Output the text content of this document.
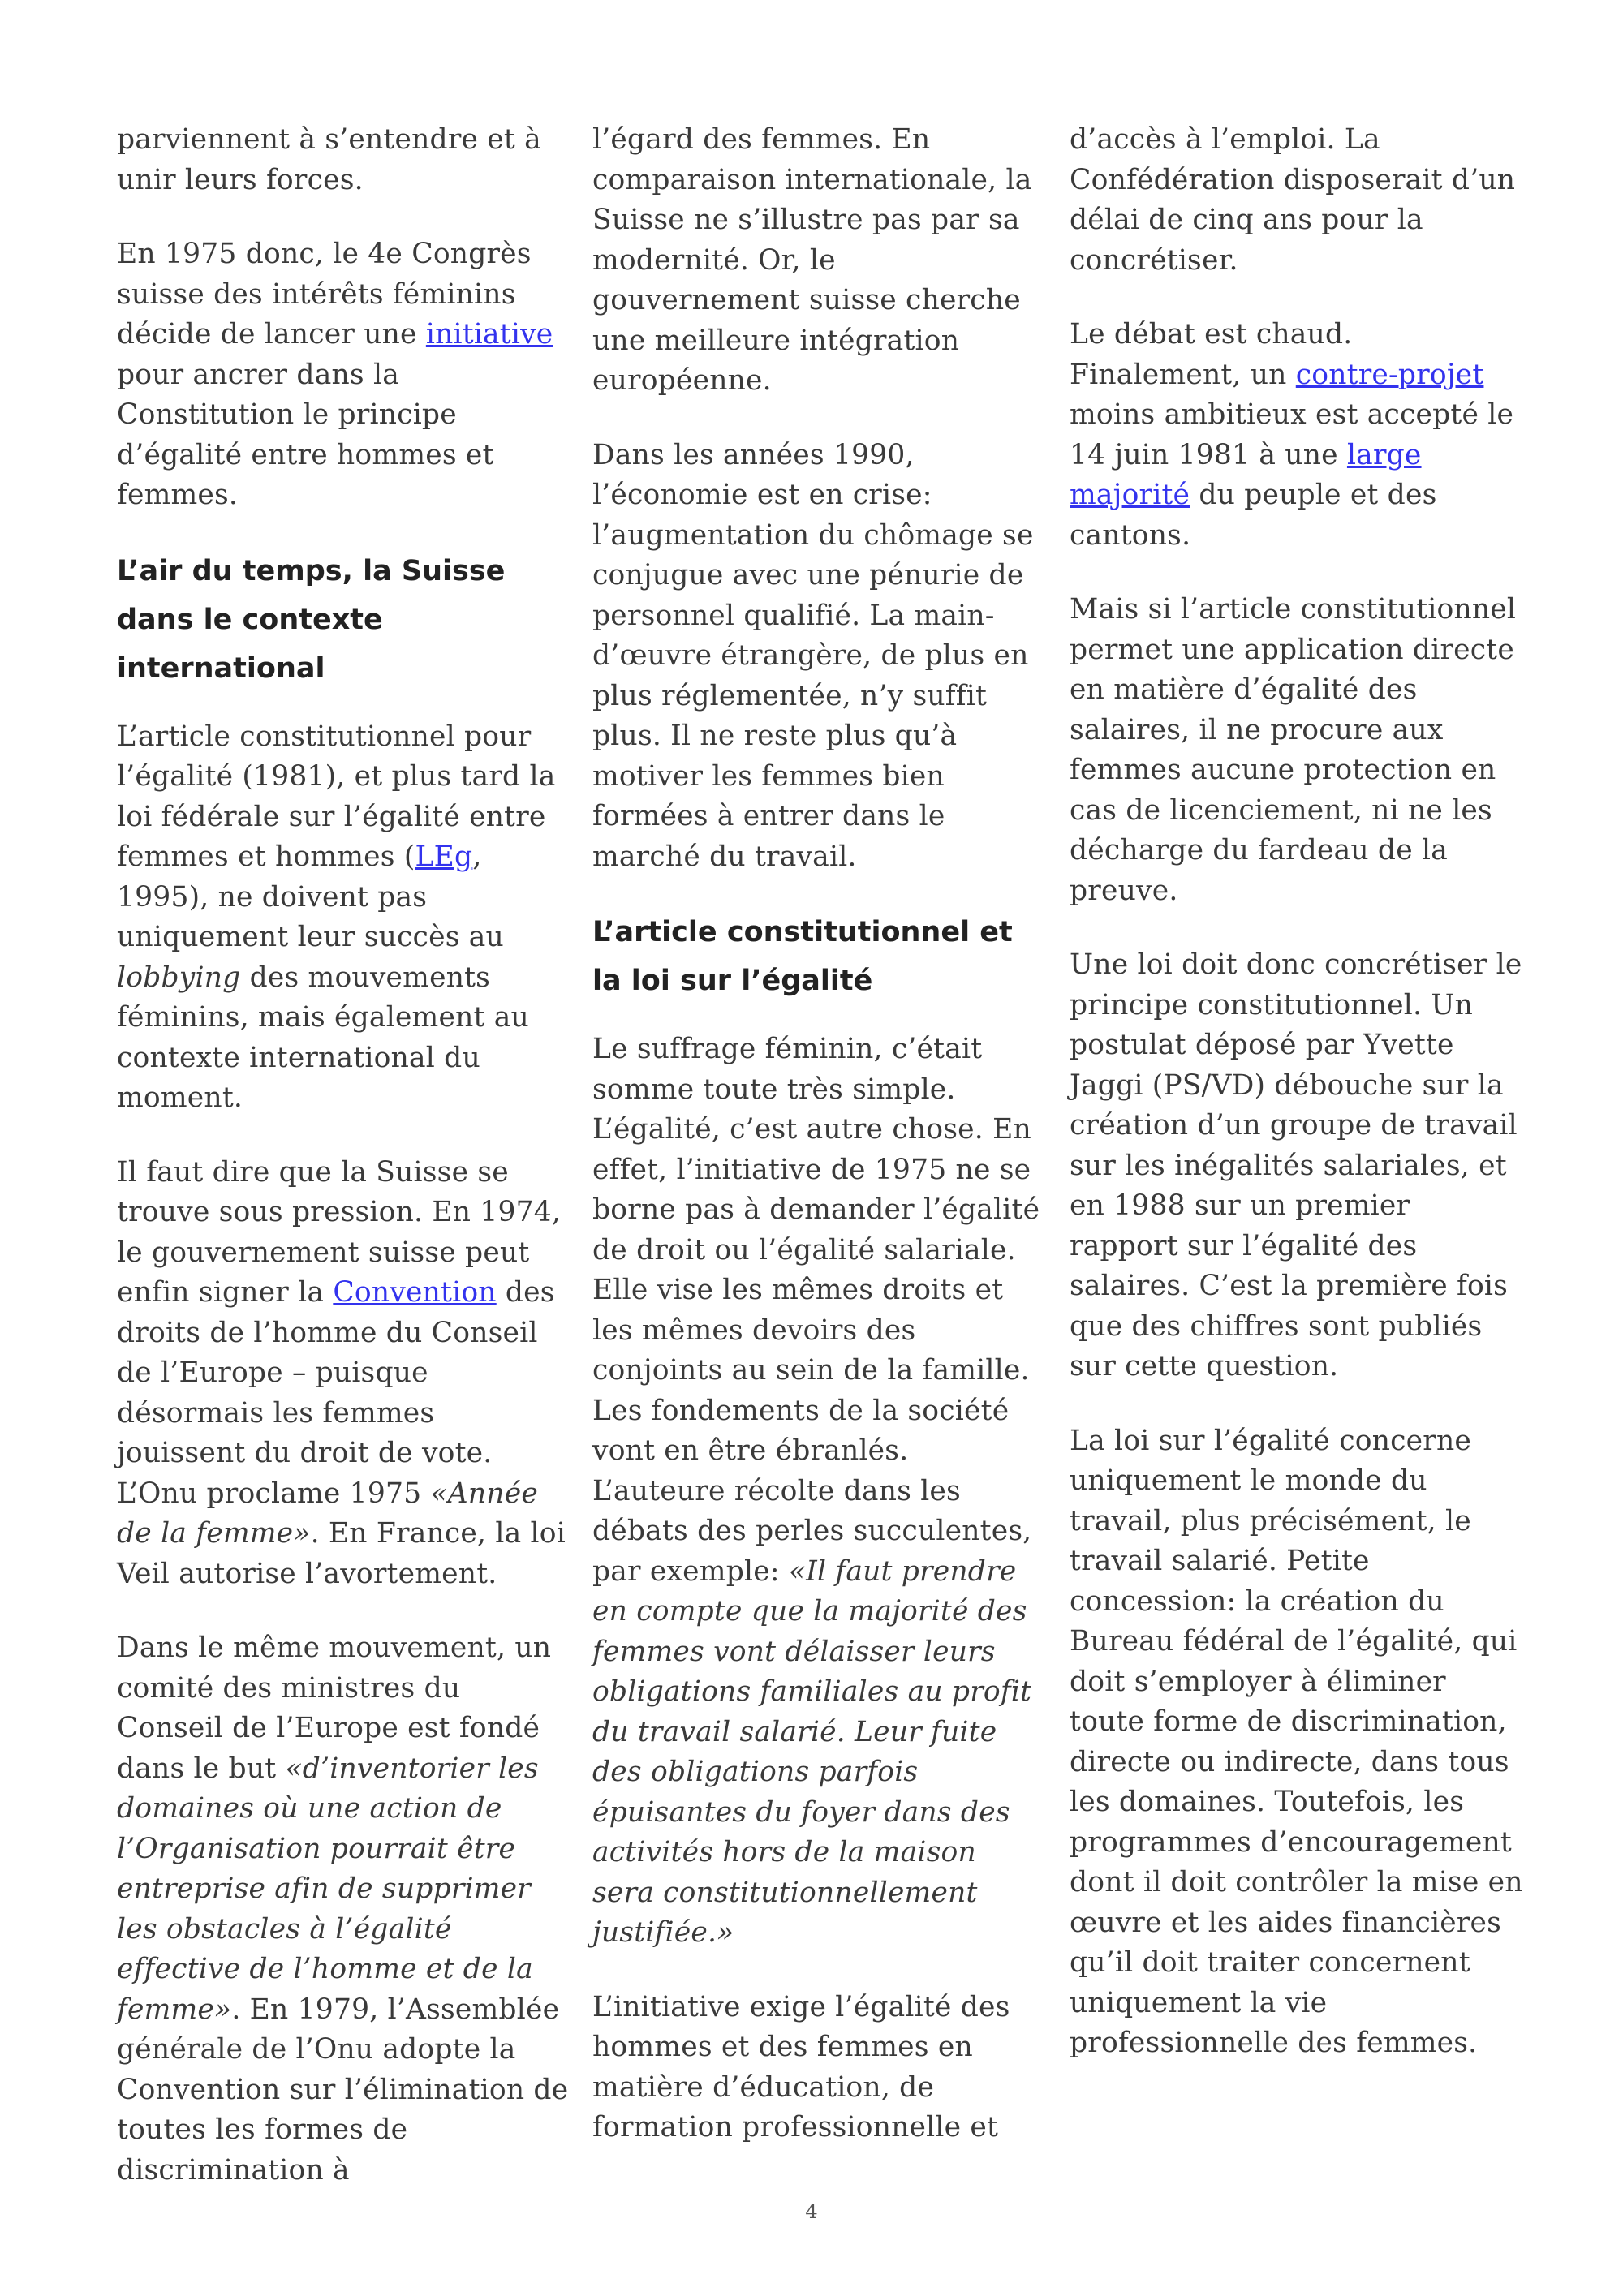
parviennent à s’entendre et à unir leurs forces.

En 1975 donc, le 4e Congrès suisse des intérêts féminins décide de lancer une initiative pour ancrer dans la Constitution le principe d’égalité entre hommes et femmes.

L’air du temps, la Suisse dans le contexte international

L’article constitutionnel pour l’égalité (1981), et plus tard la loi fédérale sur l’égalité entre femmes et hommes (LEg, 1995), ne doivent pas uniquement leur succès au lobbying des mouvements féminins, mais également au contexte international du moment.

Il faut dire que la Suisse se trouve sous pression. En 1974, le gouvernement suisse peut enfin signer la Convention des droits de l’homme du Conseil de l’Europe – puisque désormais les femmes jouissent du droit de vote. L’Onu proclame 1975 «Année de la femme». En France, la loi Veil autorise l’avortement.

Dans le même mouvement, un comité des ministres du Conseil de l’Europe est fondé dans le but «d’inventorier les domaines où une action de l’Organisation pourrait être entreprise afin de supprimer les obstacles à l’égalité effective de l’homme et de la femme». En 1979, l’Assemblée générale de l’Onu adopte la Convention sur l’élimination de toutes les formes de discrimination à

l’égard des femmes. En comparaison internationale, la Suisse ne s’illustre pas par sa modernité. Or, le gouvernement suisse cherche une meilleure intégration européenne.

Dans les années 1990, l’économie est en crise: l’augmentation du chômage se conjugue avec une pénurie de personnel qualifié. La main-d’œuvre étrangère, de plus en plus réglementée, n’y suffit plus. Il ne reste plus qu’à motiver les femmes bien formées à entrer dans le marché du travail.

L’article constitutionnel et la loi sur l’égalité

Le suffrage féminin, c’était somme toute très simple. L’égalité, c’est autre chose. En effet, l’initiative de 1975 ne se borne pas à demander l’égalité de droit ou l’égalité salariale. Elle vise les mêmes droits et les mêmes devoirs des conjoints au sein de la famille. Les fondements de la société vont en être ébranlés. L’auteure récolte dans les débats des perles succulentes, par exemple: «Il faut prendre en compte que la majorité des femmes vont délaisser leurs obligations familiales au profit du travail salarié. Leur fuite des obligations parfois épuisantes du foyer dans des activités hors de la maison sera constitutionnellement justifiée.»

L’initiative exige l’égalité des hommes et des femmes en matière d’éducation, de formation professionnelle et

d’accès à l’emploi. La Confédération disposerait d’un délai de cinq ans pour la concrétiser.

Le débat est chaud. Finalement, un contre-projet moins ambitieux est accepté le 14 juin 1981 à une large majorité du peuple et des cantons.

Mais si l’article constitutionnel permet une application directe en matière d’égalité des salaires, il ne procure aux femmes aucune protection en cas de licenciement, ni ne les décharge du fardeau de la preuve.

Une loi doit donc concrétiser le principe constitutionnel. Un postulat déposé par Yvette Jaggi (PS/VD) débouche sur la création d’un groupe de travail sur les inégalités salariales, et en 1988 sur un premier rapport sur l’égalité des salaires. C’est la première fois que des chiffres sont publiés sur cette question.

La loi sur l’égalité concerne uniquement le monde du travail, plus précisément, le travail salarié. Petite concession: la création du Bureau fédéral de l’égalité, qui doit s’employer à éliminer toute forme de discrimination, directe ou indirecte, dans tous les domaines. Toutefois, les programmes d’encouragement dont il doit contrôler la mise en œuvre et les aides financières qu’il doit traiter concernent uniquement la vie professionnelle des femmes.

4
